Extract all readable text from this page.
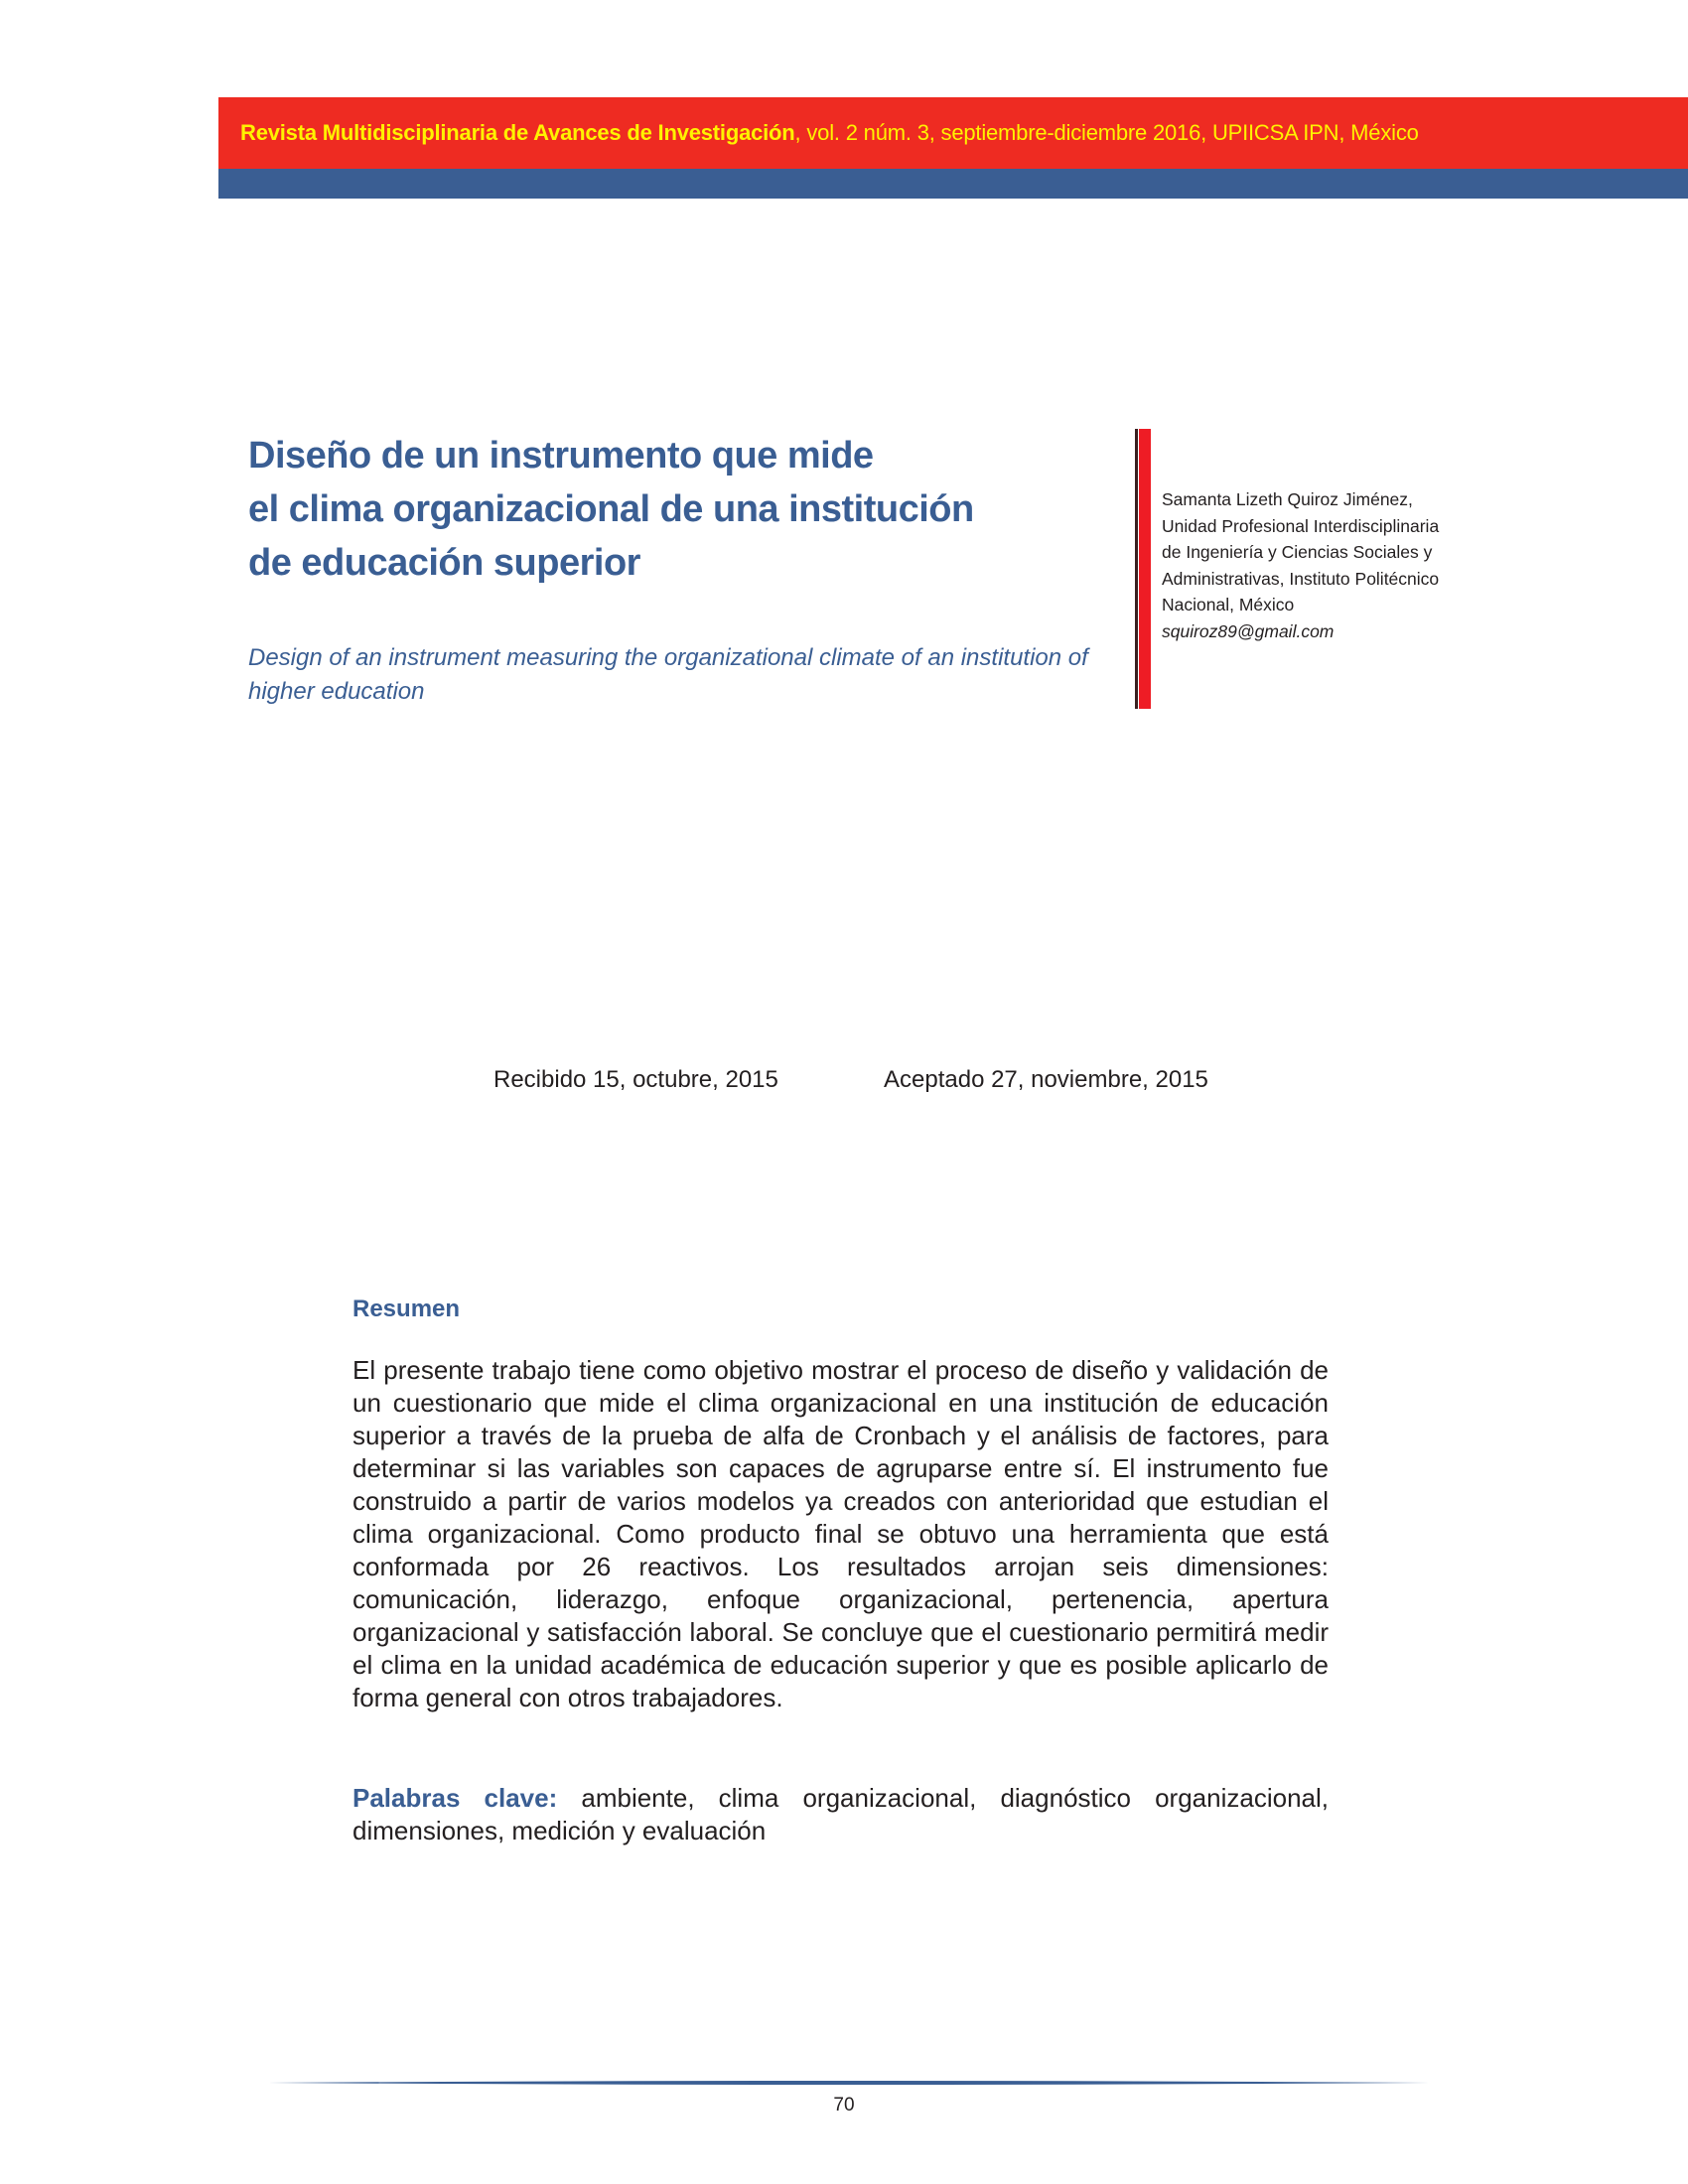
Revista Multidisciplinaria de Avances de Investigación, vol. 2 núm. 3, septiembre-diciembre 2016, UPIICSA IPN, México
Diseño de un instrumento que mide
el clima organizacional de una institución
de educación superior

Design of an instrument measuring the organizational climate of an institution of higher education

Samanta Lizeth Quiroz Jiménez,
Unidad Profesional Interdisciplinaria
de Ingeniería y Ciencias Sociales y
Administrativas, Instituto Politécnico
Nacional, México
squiroz89@gmail.com
Recibido 15, octubre, 2015	Aceptado 27, noviembre, 2015
Resumen

El presente trabajo tiene como objetivo mostrar el proceso de diseño y validación de un cuestionario que mide el clima organizacional en una institución de educación superior a través de la prueba de alfa de Cronbach y el análisis de factores, para determinar si las variables son capaces de agruparse entre sí. El instrumento fue construido a partir de varios modelos ya creados con anterioridad que estudian el clima organizacional. Como producto final se obtuvo una herramienta que está conformada por 26 reactivos. Los resultados arrojan seis dimensiones: comunicación, liderazgo, enfoque organizacional, pertenencia, apertura organizacional y satisfacción laboral. Se concluye que el cuestionario permitirá medir el clima en la unidad académica de educación superior y que es posible aplicarlo de forma general con otros trabajadores.

Palabras clave: ambiente, clima organizacional, diagnóstico organizacional, dimensiones, medición y evaluación

70
